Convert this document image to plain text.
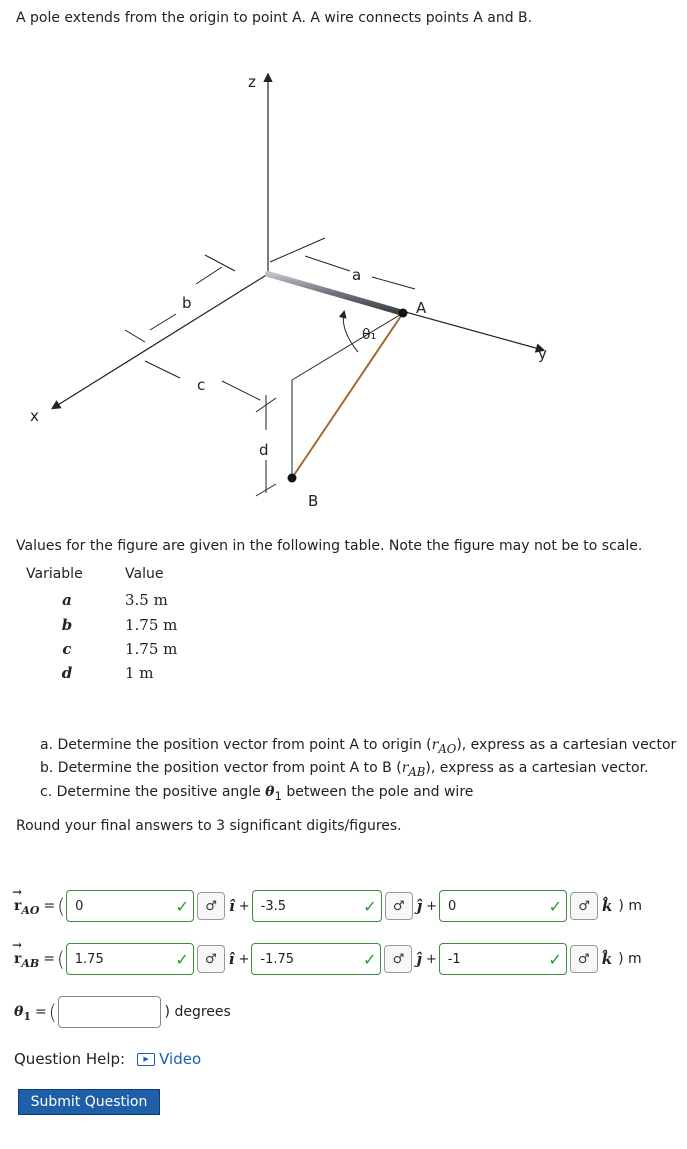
A pole extends from the origin to point A. A wire connects points A and B.
z
y
x
a
b
c
d
A
B
θ₁
Values for the figure are given in the following table. Note the figure may not be to scale.
Variable	Value
a	3.5 m
b	1.75 m
c	1.75 m
d	1 m
a. Determine the position vector from point A to origin $(r_{AO})$, express as a cartesian vector
b. Determine the position vector from point A to B $(r_{AB})$, express as a cartesian vector.
c. Determine the positive angle $\theta_1$ between the pole and wire
Round your final answers to 3 significant digits/figures.
→ r AO = ( 0	✓	♂ î + -3.5	✓	♂ ĵ + 0	✓	♂ k̂ ) m
→ r AB = ( 1.75	✓	♂ î + -1.75	✓	♂ ĵ + -1	✓	♂ k̂ ) m
θ 1 = (	) degrees
Question Help:	▶ Video
Submit Question
